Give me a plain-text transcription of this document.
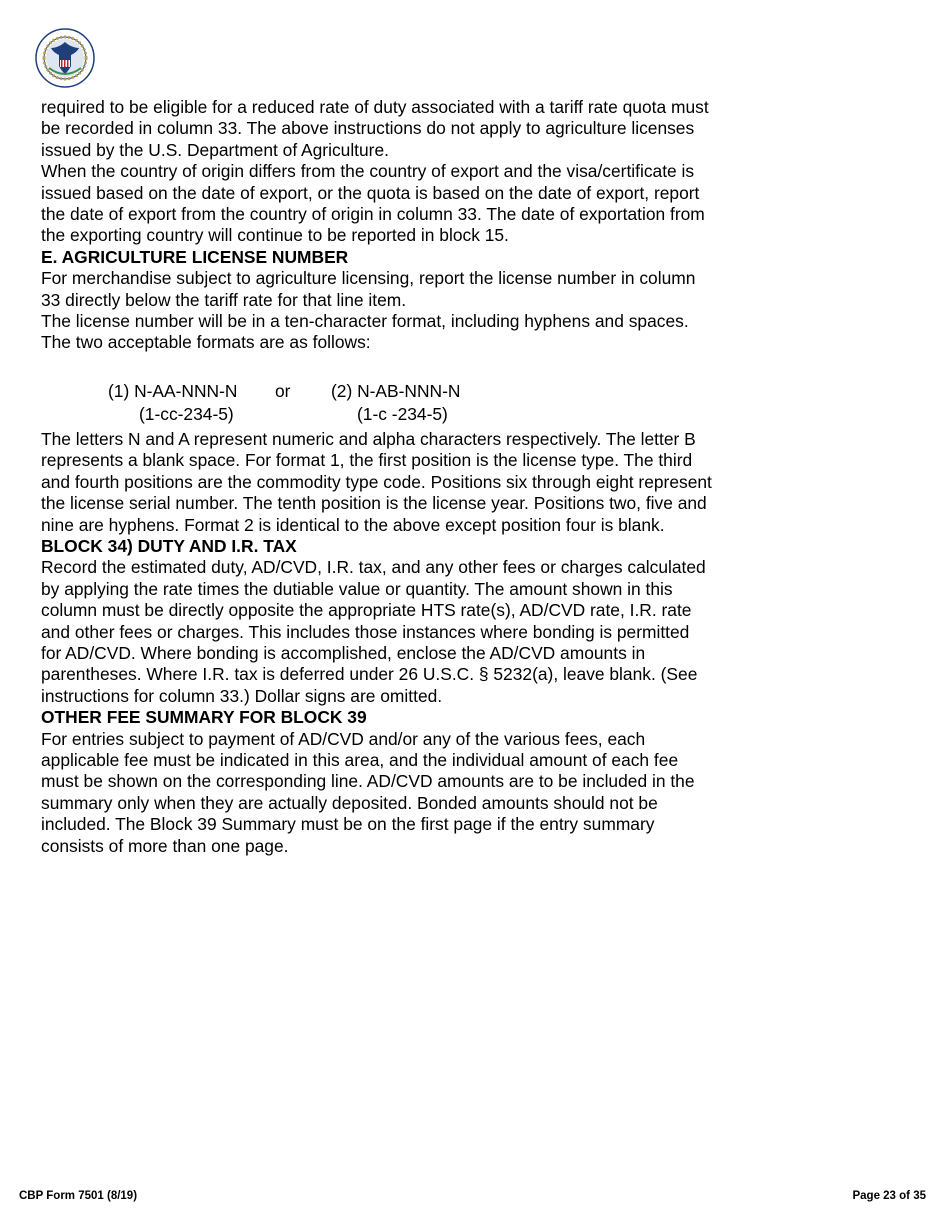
required to be eligible for a reduced rate of duty associated with a tariff rate quota must
be recorded in column 33. The above instructions do not apply to agriculture licenses
issued by the U.S. Department of Agriculture.

When the country of origin differs from the country of export and the visa/certificate is
issued based on the date of export, or the quota is based on the date of export, report
the date of export from the country of origin in column 33. The date of exportation from
the exporting country will continue to be reported in block 15.

E. AGRICULTURE LICENSE NUMBER

For merchandise subject to agriculture licensing, report the license number in column
33 directly below the tariff rate for that line item.

The license number will be in a ten-character format, including hyphens and spaces.
The two acceptable formats are as follows:

(1) N-AA-NNN-N
(1-cc-234-5)
or (2) N-AB-NNN-N
(1-c -234-5)

The letters N and A represent numeric and alpha characters respectively. The letter B
represents a blank space. For format 1, the first position is the license type. The third
and fourth positions are the commodity type code. Positions six through eight represent
the license serial number. The tenth position is the license year. Positions two, five and
nine are hyphens. Format 2 is identical to the above except position four is blank.

BLOCK 34) DUTY AND I.R. TAX

Record the estimated duty, AD/CVD, I.R. tax, and any other fees or charges calculated
by applying the rate times the dutiable value or quantity. The amount shown in this
column must be directly opposite the appropriate HTS rate(s), AD/CVD rate, I.R. rate
and other fees or charges. This includes those instances where bonding is permitted
for AD/CVD. Where bonding is accomplished, enclose the AD/CVD amounts in
parentheses. Where I.R. tax is deferred under 26 U.S.C. § 5232(a), leave blank. (See
instructions for column 33.) Dollar signs are omitted.

OTHER FEE SUMMARY FOR BLOCK 39

For entries subject to payment of AD/CVD and/or any of the various fees, each
applicable fee must be indicated in this area, and the individual amount of each fee
must be shown on the corresponding line. AD/CVD amounts are to be included in the
summary only when they are actually deposited. Bonded amounts should not be
included. The Block 39 Summary must be on the first page if the entry summary
consists of more than one page.

CBP Form 7501 (8/19)	Page 23 of 35
